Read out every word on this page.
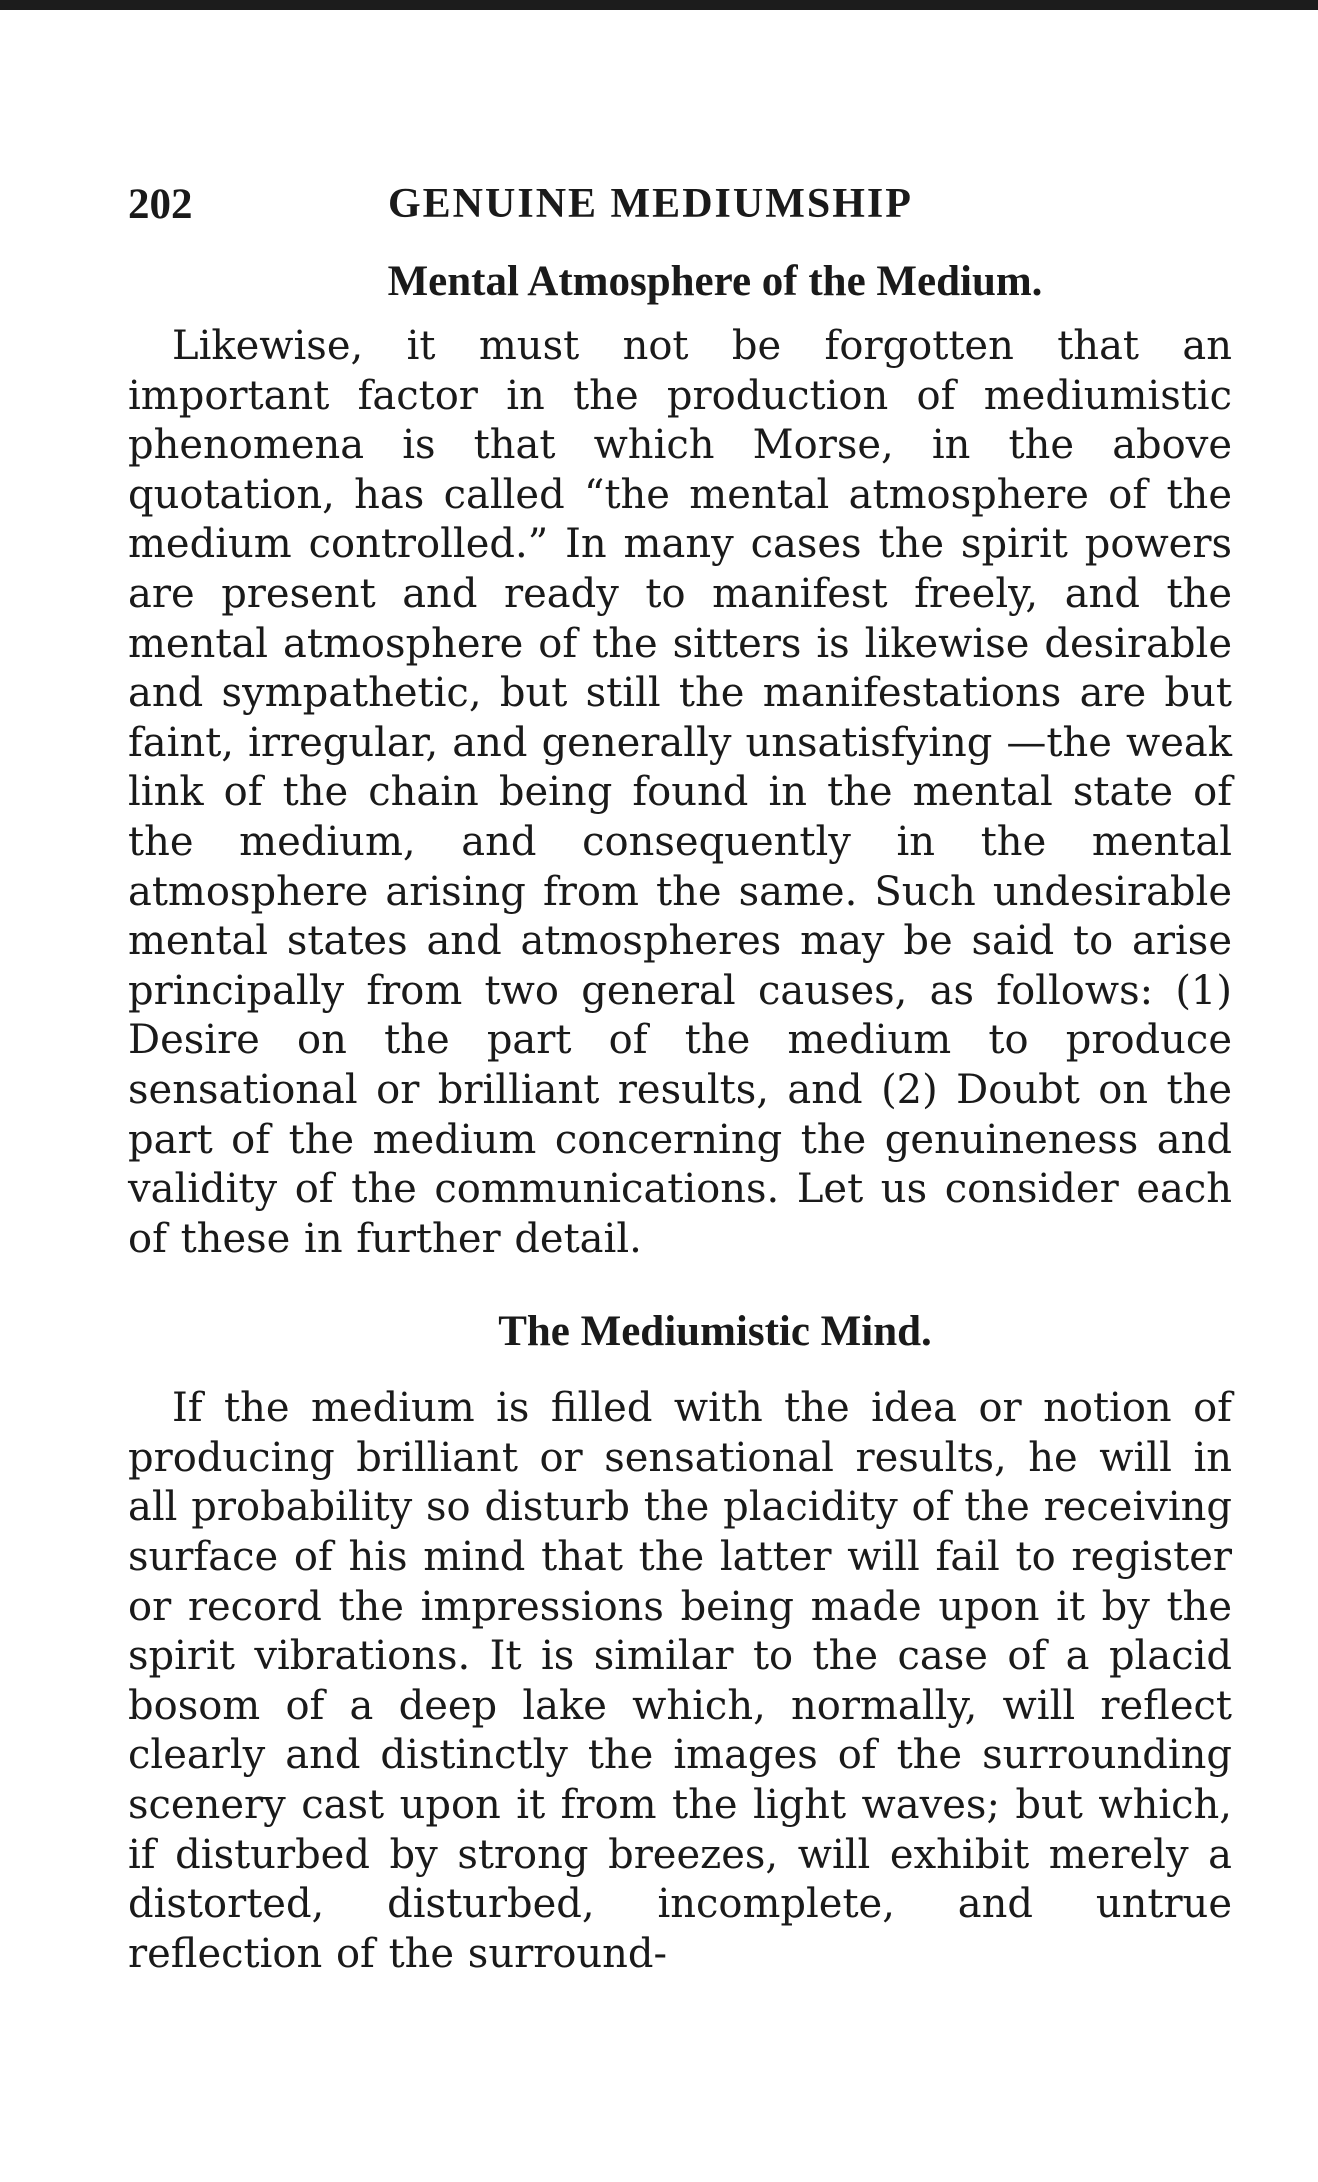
202	GENUINE MEDIUMSHIP
Mental Atmosphere of the Medium.

Likewise, it must not be forgotten that an important factor in the production of mediumistic phenomena is that which Morse, in the above quotation, has called “the mental atmosphere of the medium controlled.” In many cases the spirit powers are present and ready to manifest freely, and the mental atmosphere of the sitters is likewise desirable and sympathetic, but still the manifestations are but faint, irregular, and generally unsatisfying —the weak link of the chain being found in the mental state of the medium, and consequently in the mental atmosphere arising from the same. Such undesirable mental states and atmospheres may be said to arise principally from two general causes, as follows: (1) Desire on the part of the medium to produce sensational or brilliant results, and (2) Doubt on the part of the medium concerning the genuineness and validity of the communications. Let us consider each of these in further detail.

The Mediumistic Mind.

If the medium is filled with the idea or notion of producing brilliant or sensational results, he will in all probability so disturb the placidity of the receiving surface of his mind that the latter will fail to register or record the impressions being made upon it by the spirit vibrations. It is similar to the case of a placid bosom of a deep lake which, normally, will reflect clearly and distinctly the images of the surrounding scenery cast upon it from the light waves; but which, if disturbed by strong breezes, will exhibit merely a distorted, disturbed, incomplete, and untrue reflection of the surround-
